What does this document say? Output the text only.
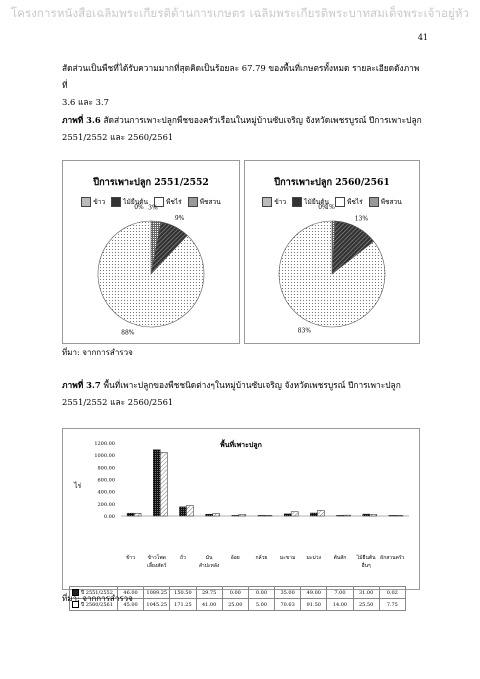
โครงการหนังสือเฉลิมพระเกียรติด้านการเกษตร เฉลิมพระเกียรติพระบาทสมเด็จพระเจ้าอยู่หัว
41
สัดส่วนเป็นพืชที่ได้รับความมากที่สุดคิดเป็นร้อยละ 67.79 ของพื้นที่เกษตรทั้งหมด รายละเอียดดังภาพที่
3.6 และ 3.7
ภาพที่ 3.6 สัดส่วนการเพาะปลูกพืชของครัวเรือนในหมู่บ้านซับเจริญ จังหวัดเพชรบูรณ์ ปีการเพาะปลูก
2551/2552 และ 2560/2561
ปีการเพาะปลูก 2551/2552
ข้าว	ไม้ยืนต้น	พืชไร่	พืชสวน
3%
9%
88%
0%
ปีการเพาะปลูก 2560/2561
ข้าว	ไม้ยืนต้น	พืชไร่	พืชสวน
1%
13%
83%
0%
ที่มา: จากการสำรวจ
ภาพที่ 3.7 พื้นที่เพาะปลูกของพืชชนิดต่างๆในหมู่บ้านซับเจริญ จังหวัดเพชรบูรณ์ ปีการเพาะปลูก
2551/2552 และ 2560/2561
1200.00
1000.00
800.00
600.00
400.00
200.00
0.00
พื้นที่เพาะปลูก
ไร่
	ข้าว	ข้าวโพดเลี้ยงสัตว์	ถั่ว	มันสำปะหลัง	อ้อย	กล้วย	มะขาม	มะม่วง	ต้นสัก	ไม้ยืนต้นอื่นๆ	ผักสวนครัว
ปี 2551/2552	46.00	1089.25	150.50	29.75	0.00	0.00	35.00	49.00	7.00	31.00	0.02
ปี 2560/2561	45.00	1045.25	171.25	41.00	25.00	5.00	70.63	91.50	14.00	25.50	7.75
ที่มา: จากการสำรวจ
